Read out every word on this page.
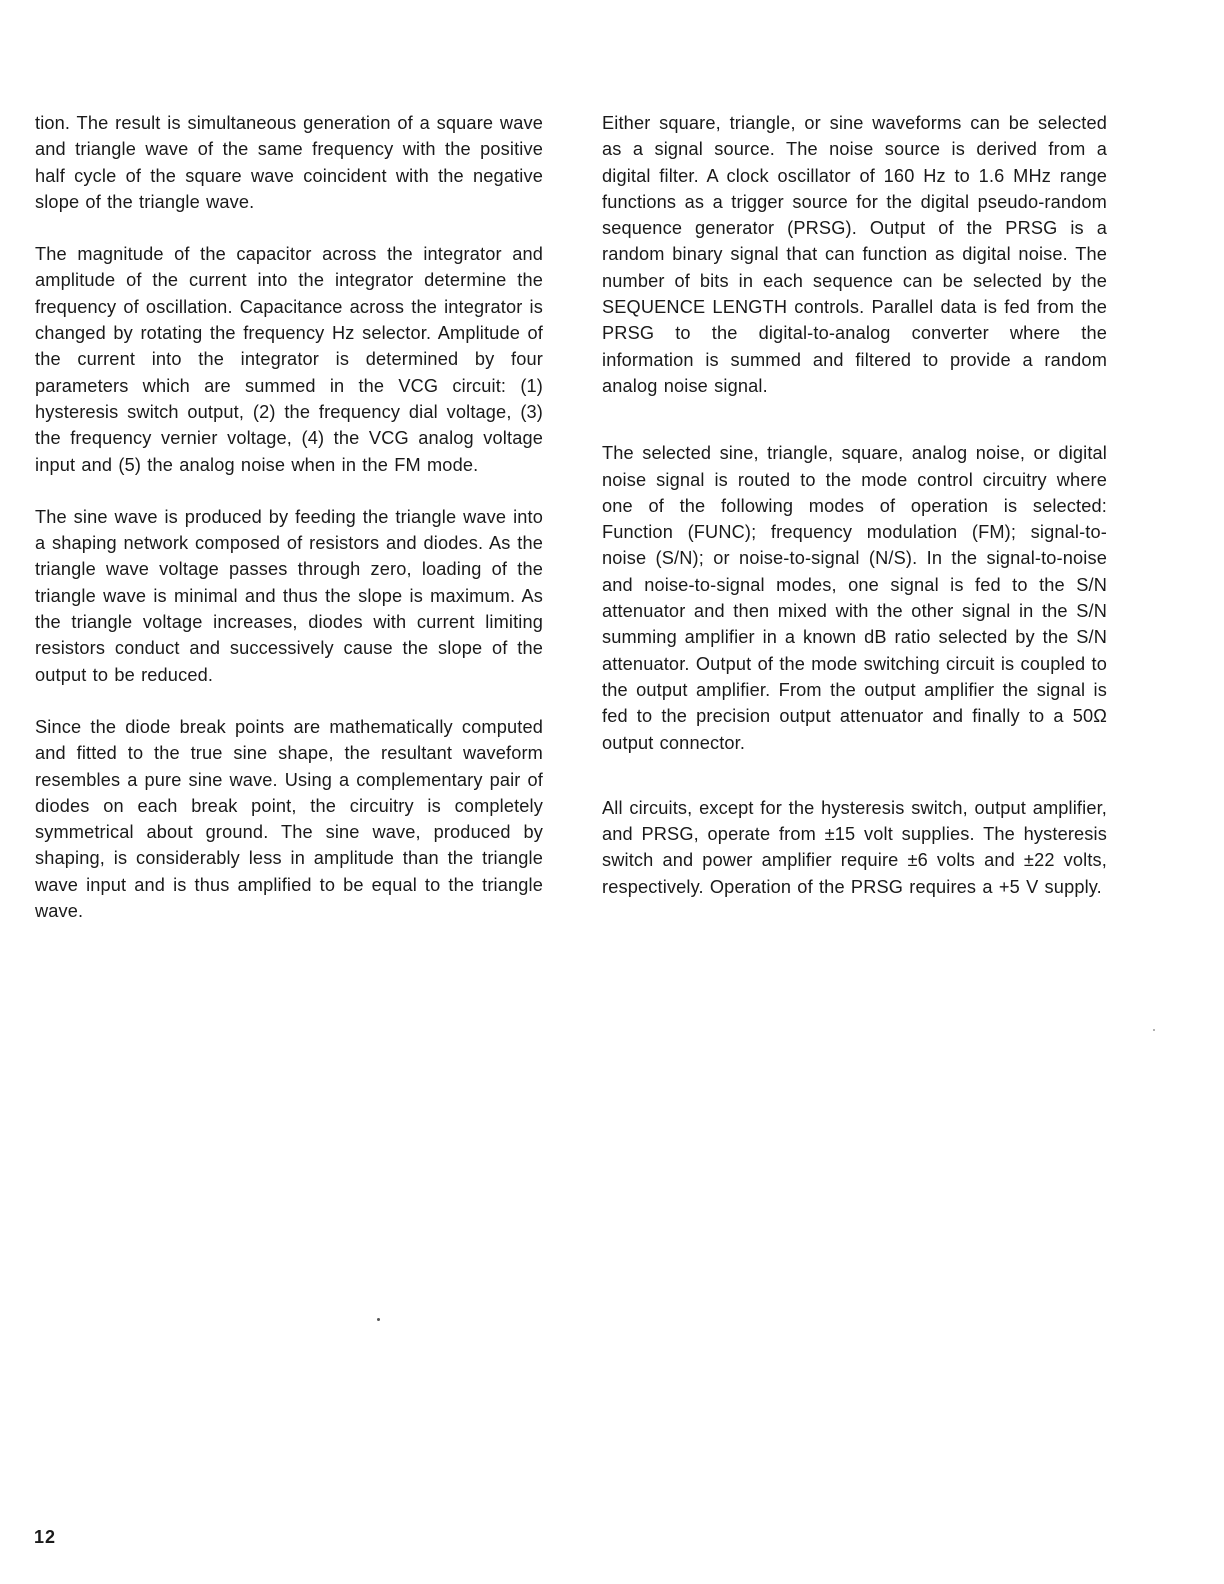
tion. The result is simultaneous generation of a square wave and triangle wave of the same frequency with the positive half cycle of the square wave coincident with the negative slope of the triangle wave.

The magnitude of the capacitor across the integrator and amplitude of the current into the integrator determine the frequency of oscillation. Capacitance across the integrator is changed by rotating the frequency Hz selector. Amplitude of the current into the integrator is determined by four parameters which are summed in the VCG circuit: (1) hysteresis switch output, (2) the frequency dial voltage, (3) the frequency vernier voltage, (4) the VCG analog voltage input and (5) the analog noise when in the FM mode.

The sine wave is produced by feeding the triangle wave into a shaping network composed of resistors and diodes. As the triangle wave voltage passes through zero, loading of the triangle wave is minimal and thus the slope is maximum. As the triangle voltage increases, diodes with current limiting resistors conduct and successively cause the slope of the output to be reduced.

Since the diode break points are mathematically computed and fitted to the true sine shape, the resultant waveform resembles a pure sine wave. Using a complementary pair of diodes on each break point, the circuitry is completely symmetrical about ground. The sine wave, produced by shaping, is considerably less in amplitude than the triangle wave input and is thus amplified to be equal to the triangle wave.

Either square, triangle, or sine waveforms can be selected as a signal source. The noise source is derived from a digital filter. A clock oscillator of 160 Hz to 1.6 MHz range functions as a trigger source for the digital pseudo-random sequence generator (PRSG). Output of the PRSG is a random binary signal that can function as digital noise. The number of bits in each sequence can be selected by the SEQUENCE LENGTH controls. Parallel data is fed from the PRSG to the digital-to-analog converter where the information is summed and filtered to provide a random analog noise signal.

The selected sine, triangle, square, analog noise, or digital noise signal is routed to the mode control circuitry where one of the following modes of operation is selected: Function (FUNC); frequency modulation (FM); signal-to-noise (S/N); or noise-to-signal (N/S). In the signal-to-noise and noise-to-signal modes, one signal is fed to the S/N attenuator and then mixed with the other signal in the S/N summing amplifier in a known dB ratio selected by the S/N attenuator. Output of the mode switching circuit is coupled to the output amplifier. From the output amplifier the signal is fed to the precision output attenuator and finally to a 50Ω output connector.

All circuits, except for the hysteresis switch, output amplifier, and PRSG, operate from ±15 volt supplies. The hysteresis switch and power amplifier require ±6 volts and ±22 volts, respectively. Operation of the PRSG requires a +5 V supply.

12
